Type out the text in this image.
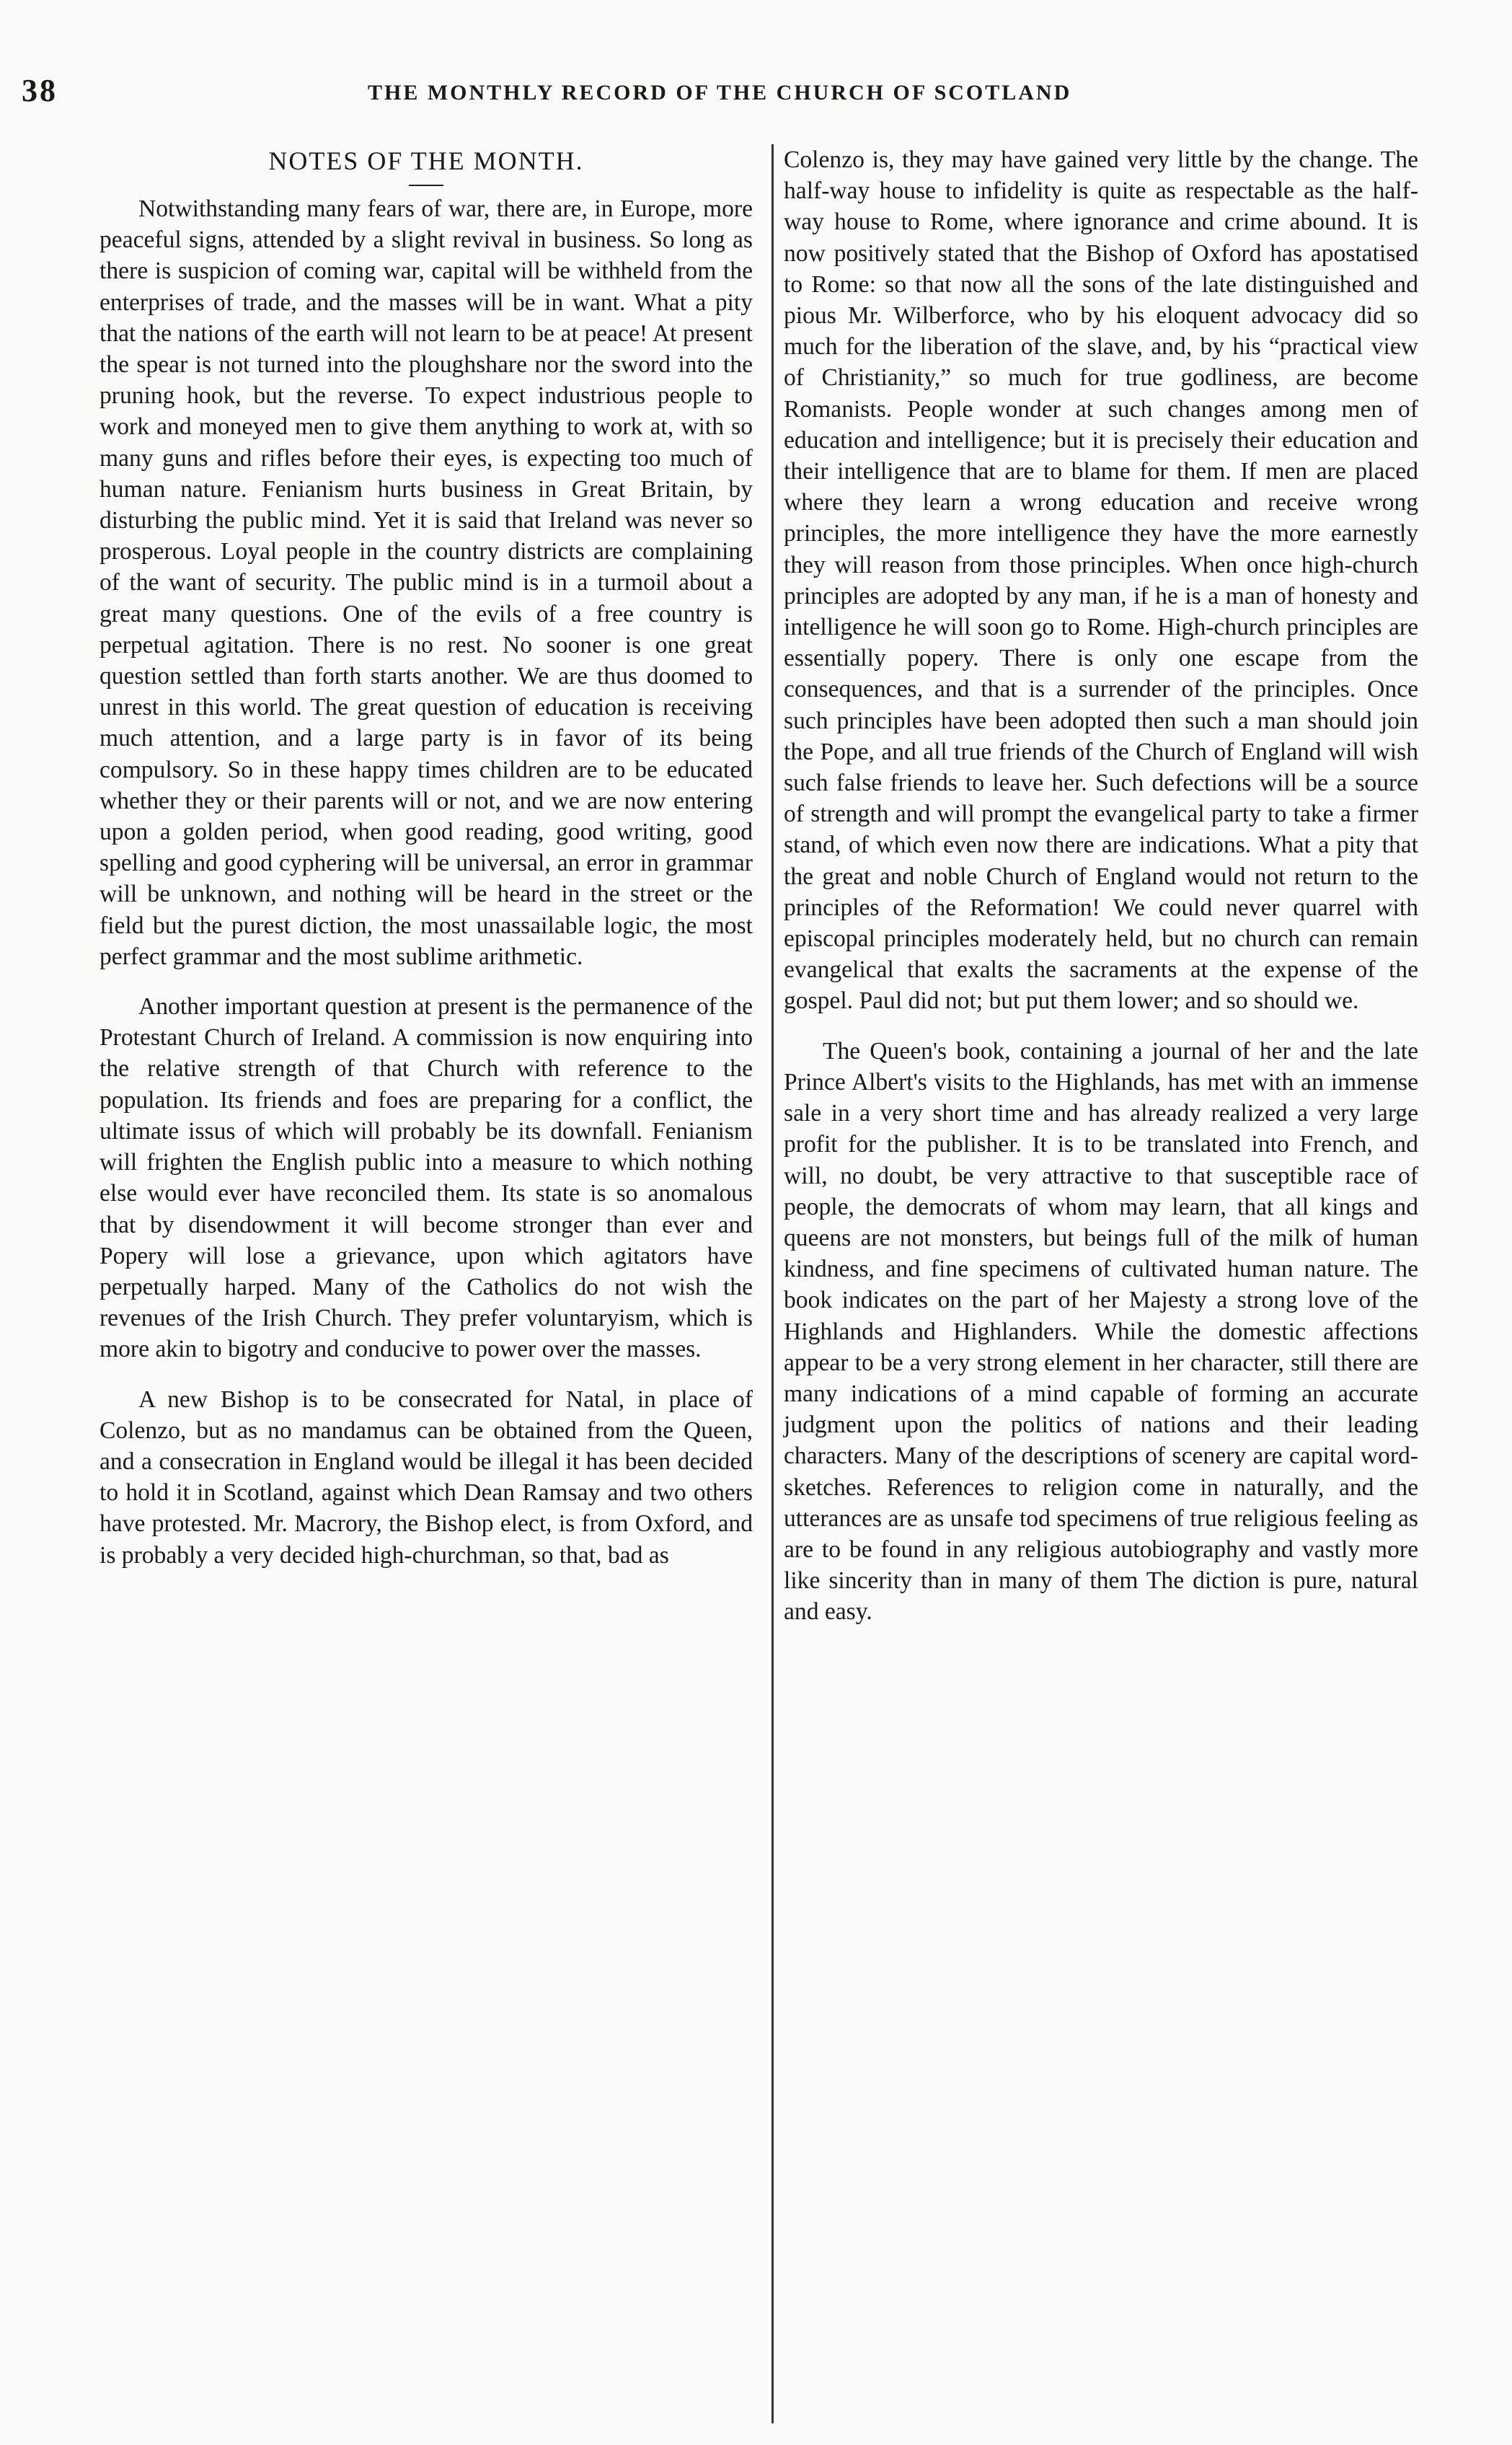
38	THE MONTHLY RECORD OF THE CHURCH OF SCOTLAND
NOTES OF THE MONTH.

Notwithstanding many fears of war, there are, in Europe, more peaceful signs, attended by a slight revival in business. So long as there is suspicion of coming war, capital will be withheld from the enterprises of trade, and the masses will be in want. What a pity that the nations of the earth will not learn to be at peace! At present the spear is not turned into the ploughshare nor the sword into the pruning hook, but the reverse. To expect industrious people to work and moneyed men to give them anything to work at, with so many guns and rifles before their eyes, is expecting too much of human nature. Fenianism hurts business in Great Britain, by disturbing the public mind. Yet it is said that Ireland was never so prosperous. Loyal people in the country districts are complaining of the want of security. The public mind is in a turmoil about a great many questions. One of the evils of a free country is perpetual agitation. There is no rest. No sooner is one great question settled than forth starts another. We are thus doomed to unrest in this world. The great question of education is receiving much attention, and a large party is in favor of its being compulsory. So in these happy times children are to be educated whether they or their parents will or not, and we are now entering upon a golden period, when good reading, good writing, good spelling and good cyphering will be universal, an error in grammar will be unknown, and nothing will be heard in the street or the field but the purest diction, the most unassailable logic, the most perfect grammar and the most sublime arithmetic.

Another important question at present is the permanence of the Protestant Church of Ireland. A commission is now enquiring into the relative strength of that Church with reference to the population. Its friends and foes are preparing for a conflict, the ultimate issus of which will probably be its downfall. Fenianism will frighten the English public into a measure to which nothing else would ever have reconciled them. Its state is so anomalous that by disendowment it will become stronger than ever and Popery will lose a grievance, upon which agitators have perpetually harped. Many of the Catholics do not wish the revenues of the Irish Church. They prefer voluntaryism, which is more akin to bigotry and conducive to power over the masses.

A new Bishop is to be consecrated for Natal, in place of Colenzo, but as no mandamus can be obtained from the Queen, and a consecration in England would be illegal it has been decided to hold it in Scotland, against which Dean Ramsay and two others have protested. Mr. Macrory, the Bishop elect, is from Oxford, and is probably a very decided high-churchman, so that, bad as

Colenzo is, they may have gained very little by the change. The half-way house to infidelity is quite as respectable as the half-way house to Rome, where ignorance and crime abound. It is now positively stated that the Bishop of Oxford has apostatised to Rome: so that now all the sons of the late distinguished and pious Mr. Wilberforce, who by his eloquent advocacy did so much for the liberation of the slave, and, by his “practical view of Christianity,” so much for true godliness, are become Romanists. People wonder at such changes among men of education and intelligence; but it is precisely their education and their intelligence that are to blame for them. If men are placed where they learn a wrong education and receive wrong principles, the more intelligence they have the more earnestly they will reason from those principles. When once high-church principles are adopted by any man, if he is a man of honesty and intelligence he will soon go to Rome. High-church principles are essentially popery. There is only one escape from the consequences, and that is a surrender of the principles. Once such principles have been adopted then such a man should join the Pope, and all true friends of the Church of England will wish such false friends to leave her. Such defections will be a source of strength and will prompt the evangelical party to take a firmer stand, of which even now there are indications. What a pity that the great and noble Church of England would not return to the principles of the Reformation! We could never quarrel with episcopal principles moderately held, but no church can remain evangelical that exalts the sacraments at the expense of the gospel. Paul did not; but put them lower; and so should we.

The Queen's book, containing a journal of her and the late Prince Albert's visits to the Highlands, has met with an immense sale in a very short time and has already realized a very large profit for the publisher. It is to be translated into French, and will, no doubt, be very attractive to that susceptible race of people, the democrats of whom may learn, that all kings and queens are not monsters, but beings full of the milk of human kindness, and fine specimens of cultivated human nature. The book indicates on the part of her Majesty a strong love of the Highlands and Highlanders. While the domestic affections appear to be a very strong element in her character, still there are many indications of a mind capable of forming an accurate judgment upon the politics of nations and their leading characters. Many of the descriptions of scenery are capital word-sketches. References to religion come in naturally, and the utterances are as unsafe tod specimens of true religious feeling as are to be found in any religious autobiography and vastly more like sincerity than in many of them The diction is pure, natural and easy.
